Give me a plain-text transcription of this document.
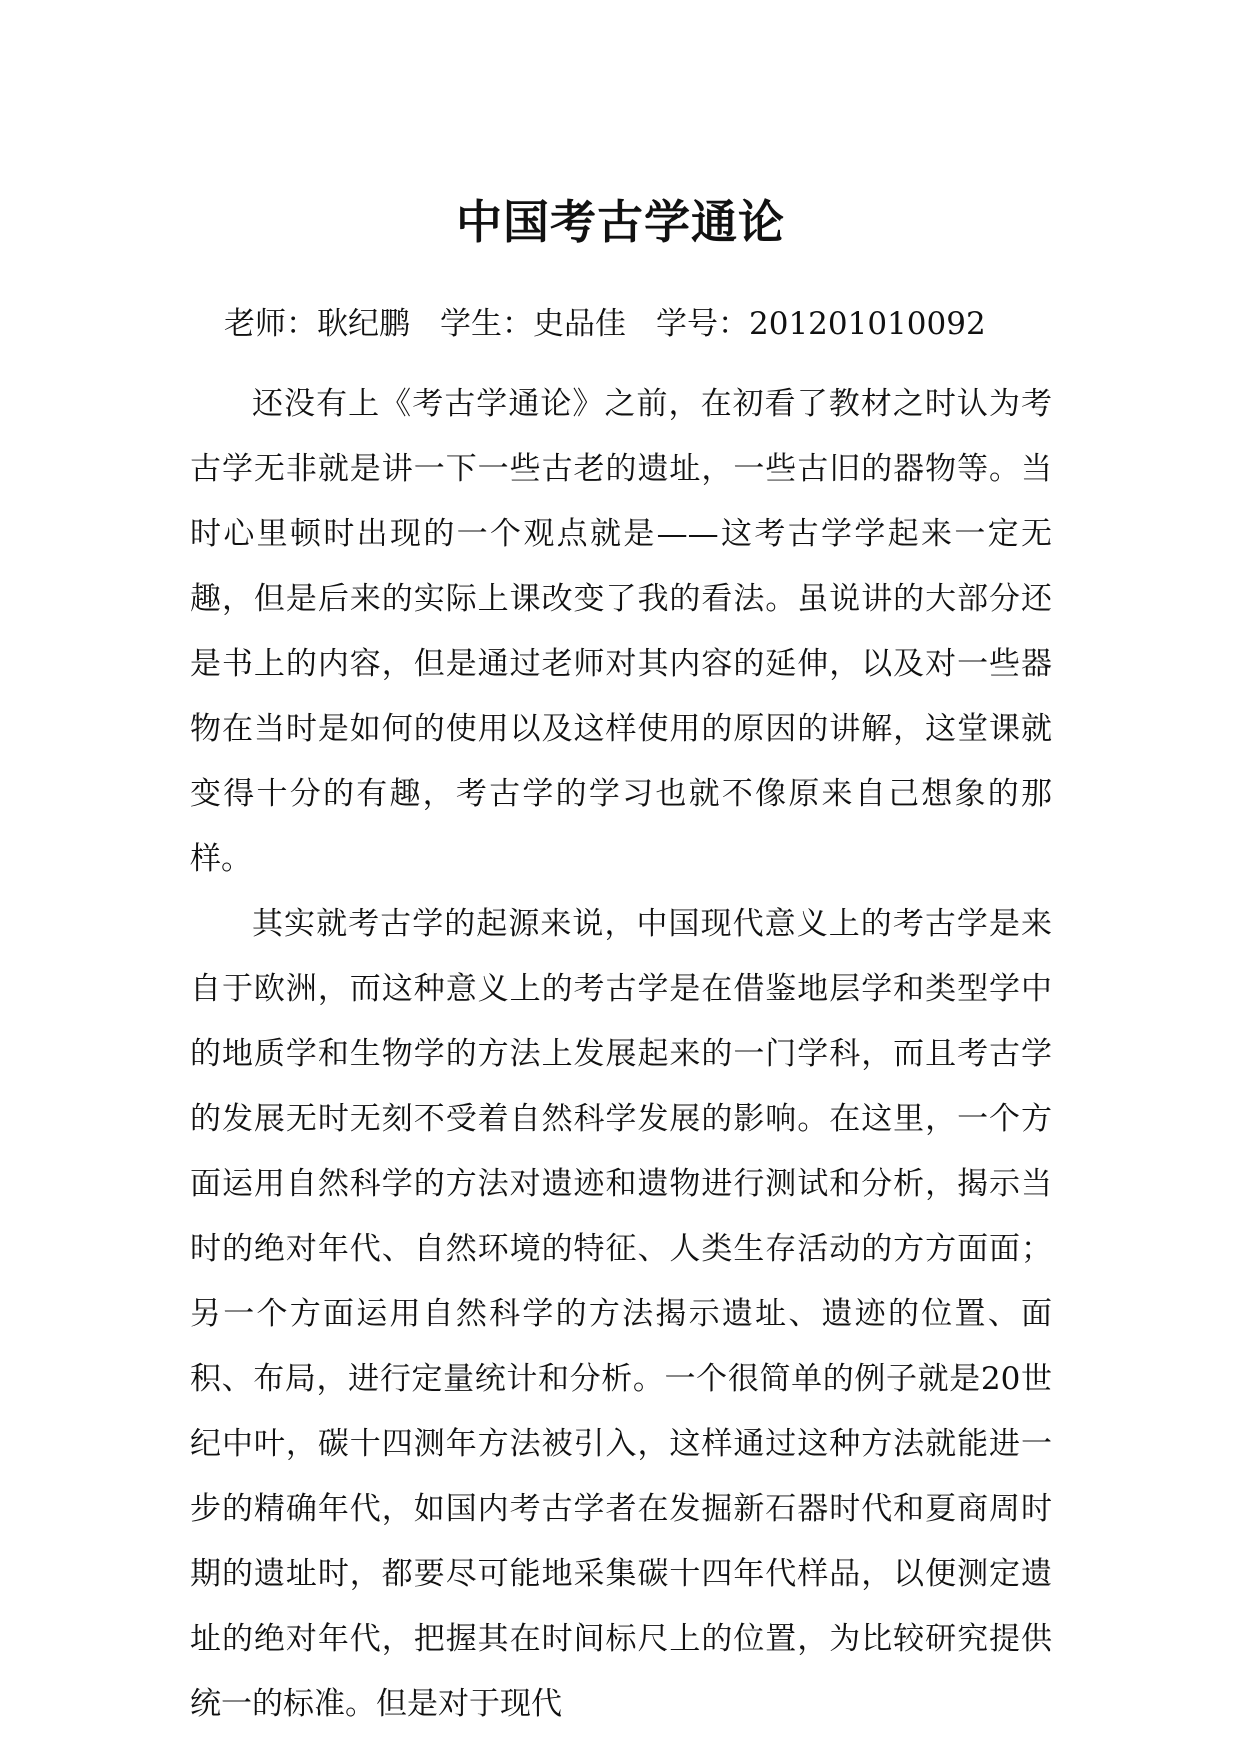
中国考古学通论
老师：耿纪鹏 学生：史品佳 学号：201201010092

还没有上《考古学通论》之前，在初看了教材之时认为考古学无非就是讲一下一些古老的遗址，一些古旧的器物等。当时心里顿时出现的一个观点就是——这考古学学起来一定无趣，但是后来的实际上课改变了我的看法。虽说讲的大部分还是书上的内容，但是通过老师对其内容的延伸，以及对一些器物在当时是如何的使用以及这样使用的原因的讲解，这堂课就变得十分的有趣，考古学的学习也就不像原来自己想象的那样。

其实就考古学的起源来说，中国现代意义上的考古学是来自于欧洲，而这种意义上的考古学是在借鉴地层学和类型学中的地质学和生物学的方法上发展起来的一门学科，而且考古学的发展无时无刻不受着自然科学发展的影响。在这里，一个方面运用自然科学的方法对遗迹和遗物进行测试和分析，揭示当时的绝对年代、自然环境的特征、人类生存活动的方方面面；另一个方面运用自然科学的方法揭示遗址、遗迹的位置、面积、布局，进行定量统计和分析。一个很简单的例子就是20世纪中叶，碳十四测年方法被引入，这样通过这种方法就能进一步的精确年代，如国内考古学者在发掘新石器时代和夏商周时期的遗址时，都要尽可能地采集碳十四年代样品，以便测定遗址的绝对年代，把握其在时间标尺上的位置，为比较研究提供统一的标准。但是对于现代
